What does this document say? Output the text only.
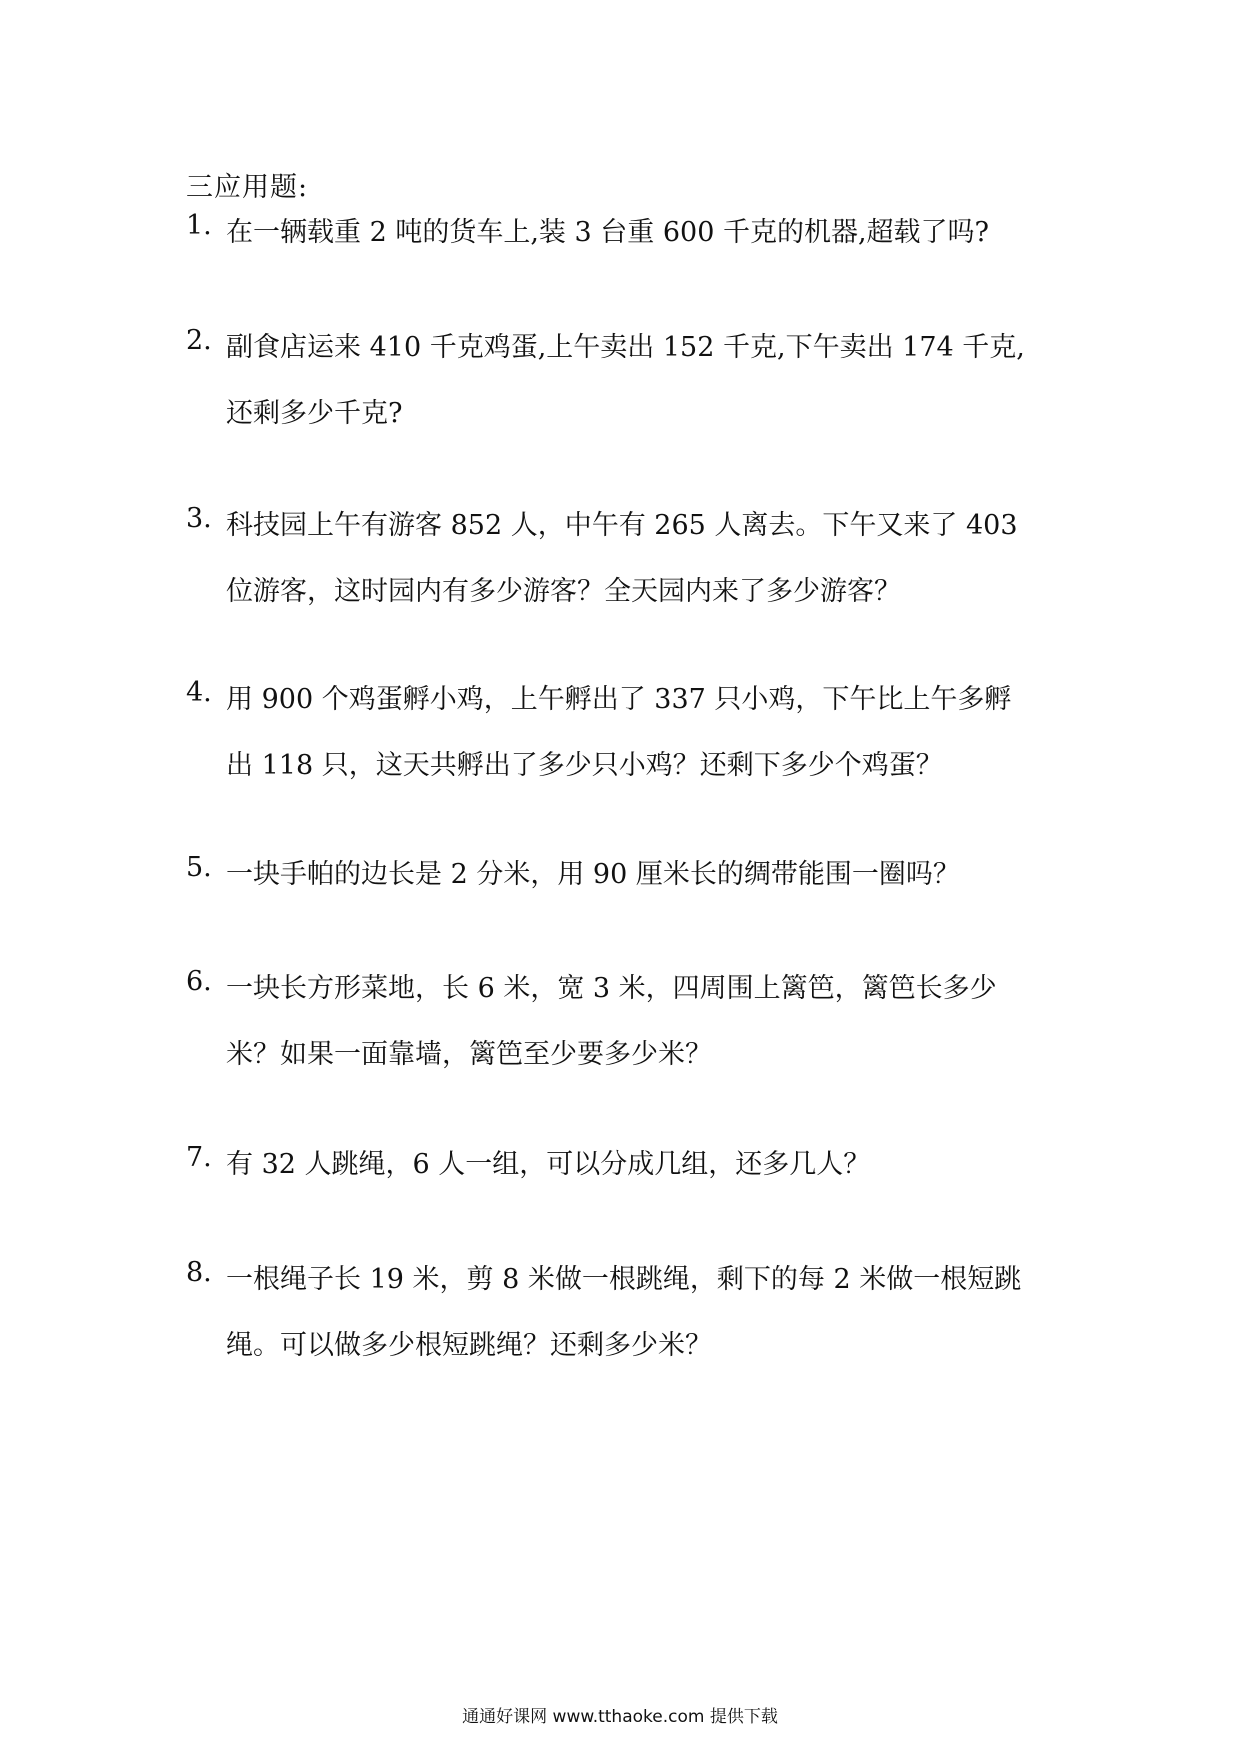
三应用题:
1. 在一辆载重 2 吨的货车上,装 3 台重 600 千克的机器,超载了吗?
2. 副食店运来 410 千克鸡蛋,上午卖出 152 千克,下午卖出 174 千克,
还剩多少千克?
3. 科技园上午有游客 852 人，中午有 265 人离去。下午又来了 403
位游客，这时园内有多少游客？全天园内来了多少游客？
4. 用 900 个鸡蛋孵小鸡，上午孵出了 337 只小鸡，下午比上午多孵
出 118 只，这天共孵出了多少只小鸡？还剩下多少个鸡蛋？
5. 一块手帕的边长是 2 分米，用 90 厘米长的绸带能围一圈吗？
6. 一块长方形菜地，长 6 米，宽 3 米，四周围上篱笆，篱笆长多少
米？如果一面靠墙，篱笆至少要多少米？
7. 有 32 人跳绳，6 人一组，可以分成几组，还多几人？
8. 一根绳子长 19 米，剪 8 米做一根跳绳，剩下的每 2 米做一根短跳
绳。可以做多少根短跳绳？还剩多少米？
通通好课网 www.tthaoke.com 提供下载
